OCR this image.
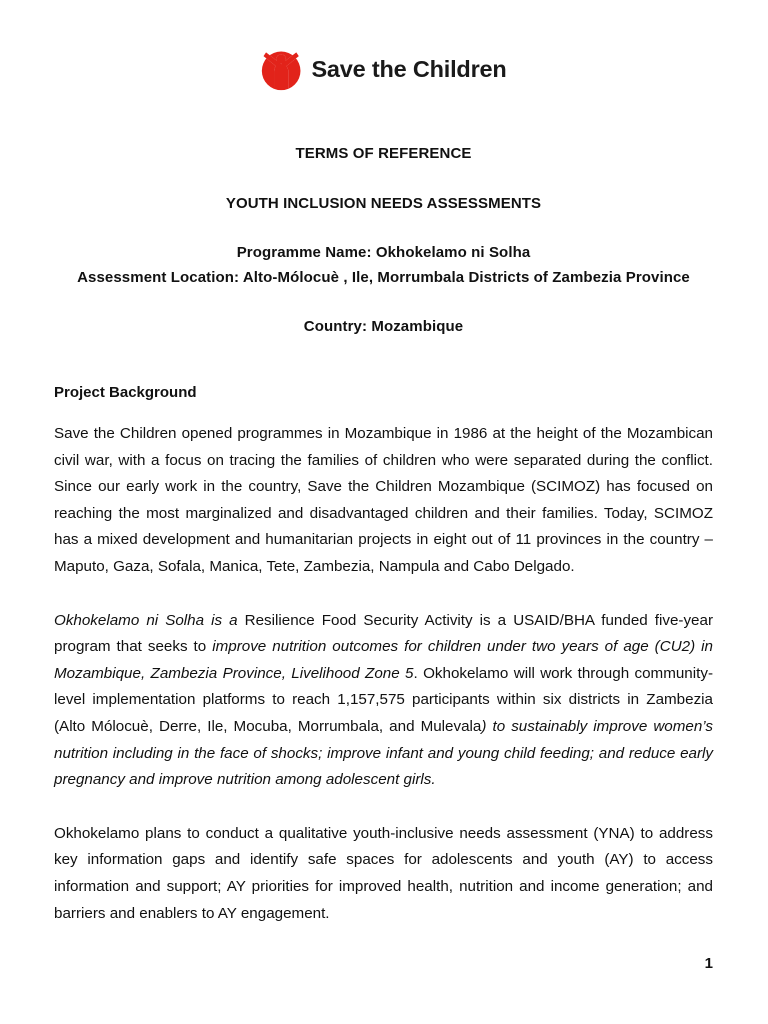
Save the Children
TERMS OF REFERENCE
YOUTH INCLUSION NEEDS ASSESSMENTS
Programme Name: Okhokelamo ni Solha
Assessment Location: Alto-Mólocuè , Ile, Morrumbala Districts of Zambezia Province
Country: Mozambique
Project Background

Save the Children opened programmes in Mozambique in 1986 at the height of the Mozambican civil war, with a focus on tracing the families of children who were separated during the conflict. Since our early work in the country, Save the Children Mozambique (SCIMOZ) has focused on reaching the most marginalized and disadvantaged children and their families. Today, SCIMOZ has a mixed development and humanitarian projects in eight out of 11 provinces in the country – Maputo, Gaza, Sofala, Manica, Tete, Zambezia, Nampula and Cabo Delgado.

Okhokelamo ni Solha is a Resilience Food Security Activity is a USAID/BHA funded five-year program that seeks to improve nutrition outcomes for children under two years of age (CU2) in Mozambique, Zambezia Province, Livelihood Zone 5. Okhokelamo will work through community-level implementation platforms to reach 1,157,575 participants within six districts in Zambezia (Alto Mólocuè, Derre, Ile, Mocuba, Morrumbala, and Mulevala) to sustainably improve women’s nutrition including in the face of shocks; improve infant and young child feeding; and reduce early pregnancy and improve nutrition among adolescent girls.

Okhokelamo plans to conduct a qualitative youth-inclusive needs assessment (YNA) to address key information gaps and identify safe spaces for adolescents and youth (AY) to access information and support; AY priorities for improved health, nutrition and income generation; and barriers and enablers to AY engagement.

1
